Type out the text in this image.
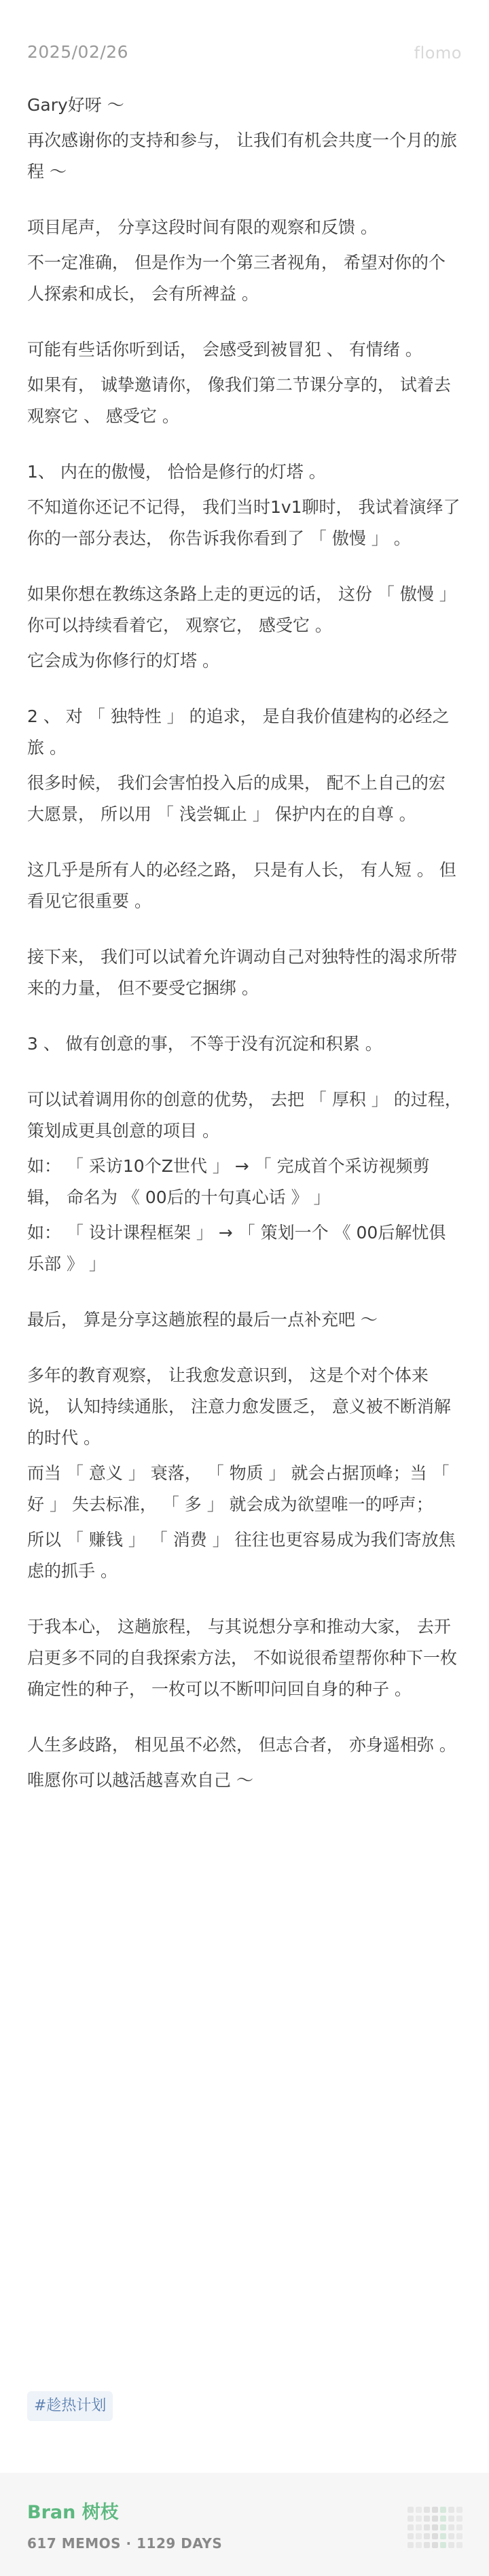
2025/02/26	flomo
Gary好呀 ～
再次感谢你的支持和参与， 让我们有机会共度一个月的旅程 ～
项目尾声， 分享这段时间有限的观察和反馈 。
不一定准确， 但是作为一个第三者视角， 希望对你的个人探索和成长， 会有所裨益 。
可能有些话你听到话， 会感受到被冒犯 、 有情绪 。
如果有， 诚挚邀请你， 像我们第二节课分享的， 试着去观察它 、 感受它 。
1、 内在的傲慢， 恰恰是修行的灯塔 。
不知道你还记不记得， 我们当时1v1聊时， 我试着演绎了你的一部分表达， 你告诉我你看到了 「 傲慢 」 。
如果你想在教练这条路上走的更远的话， 这份 「 傲慢 」 你可以持续看着它， 观察它， 感受它 。
它会成为你修行的灯塔 。
2 、 对 「 独特性 」 的追求， 是自我价值建构的必经之旅 。
很多时候， 我们会害怕投入后的成果， 配不上自己的宏大愿景， 所以用 「 浅尝辄止 」 保护内在的自尊 。
这几乎是所有人的必经之路， 只是有人长， 有人短 。 但看见它很重要 。
接下来， 我们可以试着允许调动自己对独特性的渴求所带来的力量， 但不要受它捆绑 。
3 、 做有创意的事， 不等于没有沉淀和积累 。
可以试着调用你的创意的优势， 去把 「 厚积 」 的过程， 策划成更具创意的项目 。
如： 「 采访10个Z世代 」 → 「 完成首个采访视频剪辑， 命名为 《 00后的十句真心话 》 」
如： 「 设计课程框架 」 → 「 策划一个 《 00后解忧俱乐部 》 」
最后， 算是分享这趟旅程的最后一点补充吧 ～
多年的教育观察， 让我愈发意识到， 这是个对个体来说， 认知持续通胀， 注意力愈发匮乏， 意义被不断消解的时代 。
而当 「 意义 」 衰落， 「 物质 」 就会占据顶峰；当 「 好 」 失去标准， 「 多 」 就会成为欲望唯一的呼声；
所以 「 赚钱 」 「 消费 」 往往也更容易成为我们寄放焦虑的抓手 。
于我本心， 这趟旅程， 与其说想分享和推动大家， 去开启更多不同的自我探索方法， 不如说很希望帮你种下一枚确定性的种子， 一枚可以不断叩问回自身的种子 。
人生多歧路， 相见虽不必然， 但志合者， 亦身遥相弥 。
唯愿你可以越活越喜欢自己 ～
#趁热计划
Bran 树枝
617 MEMOS · 1129 DAYS
